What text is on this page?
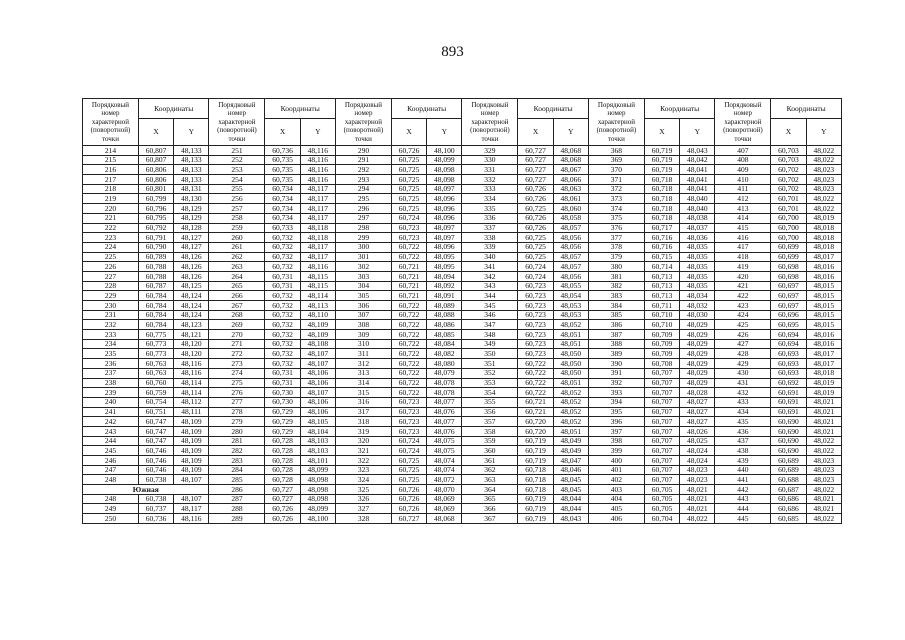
893
Порядковый номер характерной (поворотной) точки	Координаты		Порядковый номер характерной (поворотной) точки	Координаты		Порядковый номер характерной (поворотной) точки	Координаты		Порядковый номер характерной (поворотной) точки	Координаты		Порядковый номер характерной (поворотной) точки	Координаты		Порядковый номер характерной (поворотной) точки	Координаты	
	X	Y		X	Y		X	Y		X	Y		X	Y		X	Y
214	60,807	48,133	251	60,736	48,116	290	60,726	48,100	329	60,727	48,068	368	60,719	48,043	407	60,703	48,022
215	60,807	48,133	252	60,735	48,116	291	60,725	48,099	330	60,727	48,068	369	60,719	48,042	408	60,703	48,022
216	60,806	48,133	253	60,735	48,116	292	60,725	48,098	331	60,727	48,067	370	60,719	48,041	409	60,702	48,023
217	60,806	48,133	254	60,735	48,116	293	60,725	48,098	332	60,727	48,066	371	60,718	48,041	410	60,702	48,023
218	60,801	48,131	255	60,734	48,117	294	60,725	48,097	333	60,726	48,063	372	60,718	48,041	411	60,702	48,023
219	60,799	48,130	256	60,734	48,117	295	60,725	48,096	334	60,726	48,061	373	60,718	48,040	412	60,701	48,022
220	60,796	48,129	257	60,734	48,117	296	60,725	48,096	335	60,725	48,060	374	60,718	48,040	413	60,701	48,022
221	60,795	48,129	258	60,734	48,117	297	60,724	48,096	336	60,726	48,058	375	60,718	48,038	414	60,700	48,019
222	60,792	48,128	259	60,733	48,118	298	60,723	48,097	337	60,726	48,057	376	60,717	48,037	415	60,700	48,018
223	60,791	48,127	260	60,732	48,118	299	60,723	48,097	338	60,725	48,056	377	60,716	48,036	416	60,700	48,018
224	60,790	48,127	261	60,732	48,117	300	60,722	48,096	339	60,725	48,056	378	60,716	48,035	417	60,699	48,018
225	60,789	48,126	262	60,732	48,117	301	60,722	48,095	340	60,725	48,057	379	60,715	48,035	418	60,699	48,017
226	60,788	48,126	263	60,732	48,116	302	60,721	48,095	341	60,724	48,057	380	60,714	48,035	419	60,698	48,016
227	60,788	48,126	264	60,731	48,115	303	60,721	48,094	342	60,724	48,056	381	60,713	48,035	420	60,698	48,016
228	60,787	48,125	265	60,731	48,115	304	60,721	48,092	343	60,723	48,055	382	60,713	48,035	421	60,697	48,015
229	60,784	48,124	266	60,732	48,114	305	60,721	48,091	344	60,723	48,054	383	60,713	48,034	422	60,697	48,015
230	60,784	48,124	267	60,732	48,113	306	60,722	48,089	345	60,723	48,053	384	60,711	48,032	423	60,697	48,015
231	60,784	48,124	268	60,732	48,110	307	60,722	48,088	346	60,723	48,053	385	60,710	48,030	424	60,696	48,015
232	60,784	48,123	269	60,732	48,109	308	60,722	48,086	347	60,723	48,052	386	60,710	48,029	425	60,695	48,015
233	60,775	48,121	270	60,732	48,109	309	60,722	48,085	348	60,723	48,051	387	60,709	48,029	426	60,694	48,016
234	60,773	48,120	271	60,732	48,108	310	60,722	48,084	349	60,723	48,051	388	60,709	48,029	427	60,694	48,016
235	60,773	48,120	272	60,732	48,107	311	60,722	48,082	350	60,723	48,050	389	60,709	48,029	428	60,693	48,017
236	60,763	48,116	273	60,732	48,107	312	60,722	48,080	351	60,722	48,050	390	60,708	48,029	429	60,693	48,017
237	60,763	48,116	274	60,731	48,106	313	60,722	48,079	352	60,722	48,050	391	60,707	48,029	430	60,693	48,018
238	60,760	48,114	275	60,731	48,106	314	60,722	48,078	353	60,722	48,051	392	60,707	48,029	431	60,692	48,019
239	60,759	48,114	276	60,730	48,107	315	60,722	48,078	354	60,722	48,052	393	60,707	48,028	432	60,691	48,019
240	60,754	48,112	277	60,730	48,106	316	60,723	48,077	355	60,721	48,052	394	60,707	48,027	433	60,691	48,021
241	60,751	48,111	278	60,729	48,106	317	60,723	48,076	356	60,721	48,052	395	60,707	48,027	434	60,691	48,021
242	60,747	48,109	279	60,729	48,105	318	60,723	48,077	357	60,720	48,052	396	60,707	48,027	435	60,690	48,021
243	60,747	48,109	280	60,729	48,104	319	60,723	48,076	358	60,720	48,051	397	60,707	48,026	436	60,690	48,021
244	60,747	48,109	281	60,728	48,103	320	60,724	48,075	359	60,719	48,049	398	60,707	48,025	437	60,690	48,022
245	60,746	48,109	282	60,728	48,103	321	60,724	48,075	360	60,719	48,049	399	60,707	48,024	438	60,690	48,022
246	60,746	48,109	283	60,728	48,101	322	60,725	48,074	361	60,719	48,047	400	60,707	48,024	439	60,689	48,023
247	60,746	48,109	284	60,728	48,099	323	60,725	48,074	362	60,718	48,046	401	60,707	48,023	440	60,689	48,023
248	60,738	48,107	285	60,728	48,098	324	60,725	48,072	363	60,718	48,045	402	60,707	48,023	441	60,688	48,023
Южная			286	60,727	48,098	325	60,726	48,070	364	60,718	48,045	403	60,705	48,021	442	60,687	48,022
248	60,738	48,107	287	60,727	48,098	326	60,726	48,069	365	60,719	48,044	404	60,705	48,021	443	60,686	48,021
249	60,737	48,117	288	60,726	48,099	327	60,726	48,069	366	60,719	48,044	405	60,705	48,021	444	60,686	48,021
250	60,736	48,116	289	60,726	48,100	328	60,727	48,068	367	60,719	48,043	406	60,704	48,022	445	60,685	48,022
